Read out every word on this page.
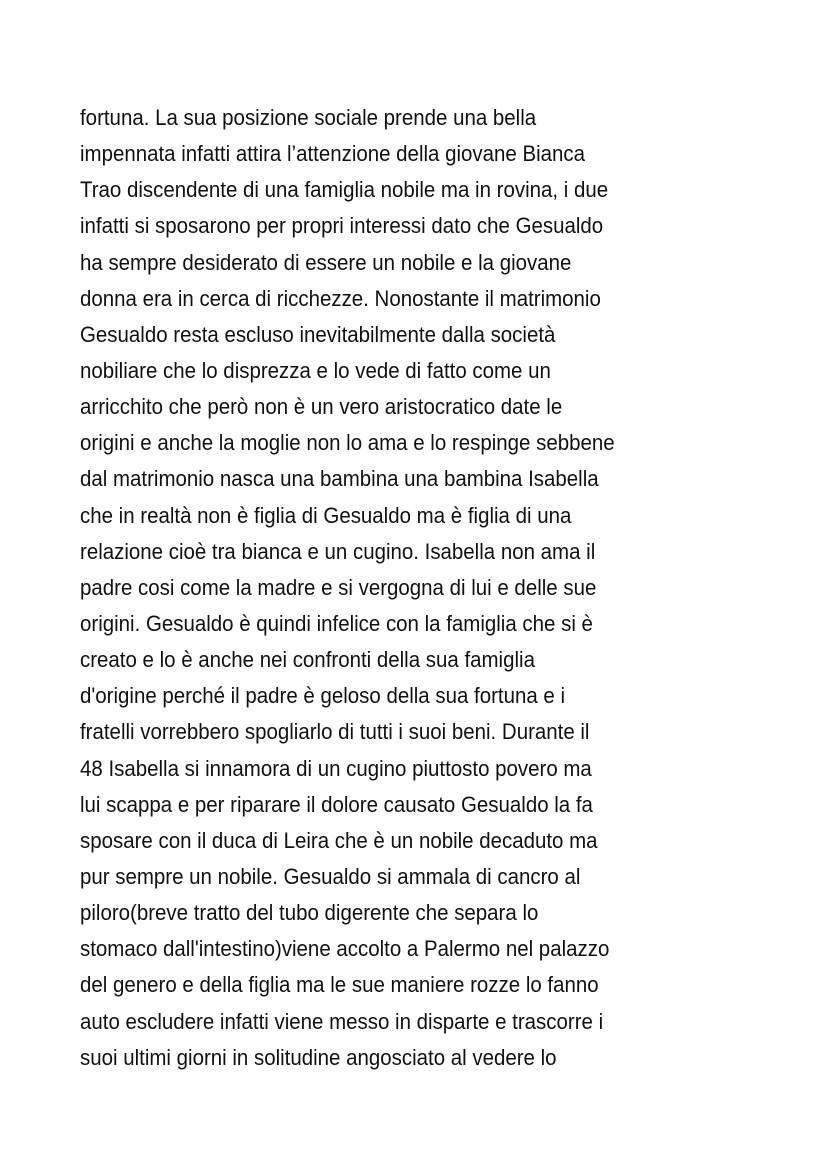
fortuna. La sua posizione sociale prende una bella
impennata infatti attira l’attenzione della giovane Bianca
Trao discendente di una famiglia nobile ma in rovina, i due
infatti si sposarono per propri interessi dato che Gesualdo
ha sempre desiderato di essere un nobile e la giovane
donna era in cerca di ricchezze. Nonostante il matrimonio
Gesualdo resta escluso inevitabilmente dalla società
nobiliare che lo disprezza e lo vede di fatto come un
arricchito che però non è un vero aristocratico date le
origini e anche la moglie non lo ama e lo respinge sebbene
dal matrimonio nasca una bambina una bambina Isabella
che in realtà non è figlia di Gesualdo ma è figlia di una
relazione cioè tra bianca e un cugino. Isabella non ama il
padre cosi come la madre e si vergogna di lui e delle sue
origini. Gesualdo è quindi infelice con la famiglia che si è
creato e lo è anche nei confronti della sua famiglia
d'origine perché il padre è geloso della sua fortuna e i
fratelli vorrebbero spogliarlo di tutti i suoi beni. Durante il
48 Isabella si innamora di un cugino piuttosto povero ma
lui scappa e per riparare il dolore causato Gesualdo la fa
sposare con il duca di Leira che è un nobile decaduto ma
pur sempre un nobile. Gesualdo si ammala di cancro al
piloro(breve tratto del tubo digerente che separa lo
stomaco dall'intestino)viene accolto a Palermo nel palazzo
del genero e della figlia ma le sue maniere rozze lo fanno
auto escludere infatti viene messo in disparte e trascorre i
suoi ultimi giorni in solitudine angosciato al vedere lo
